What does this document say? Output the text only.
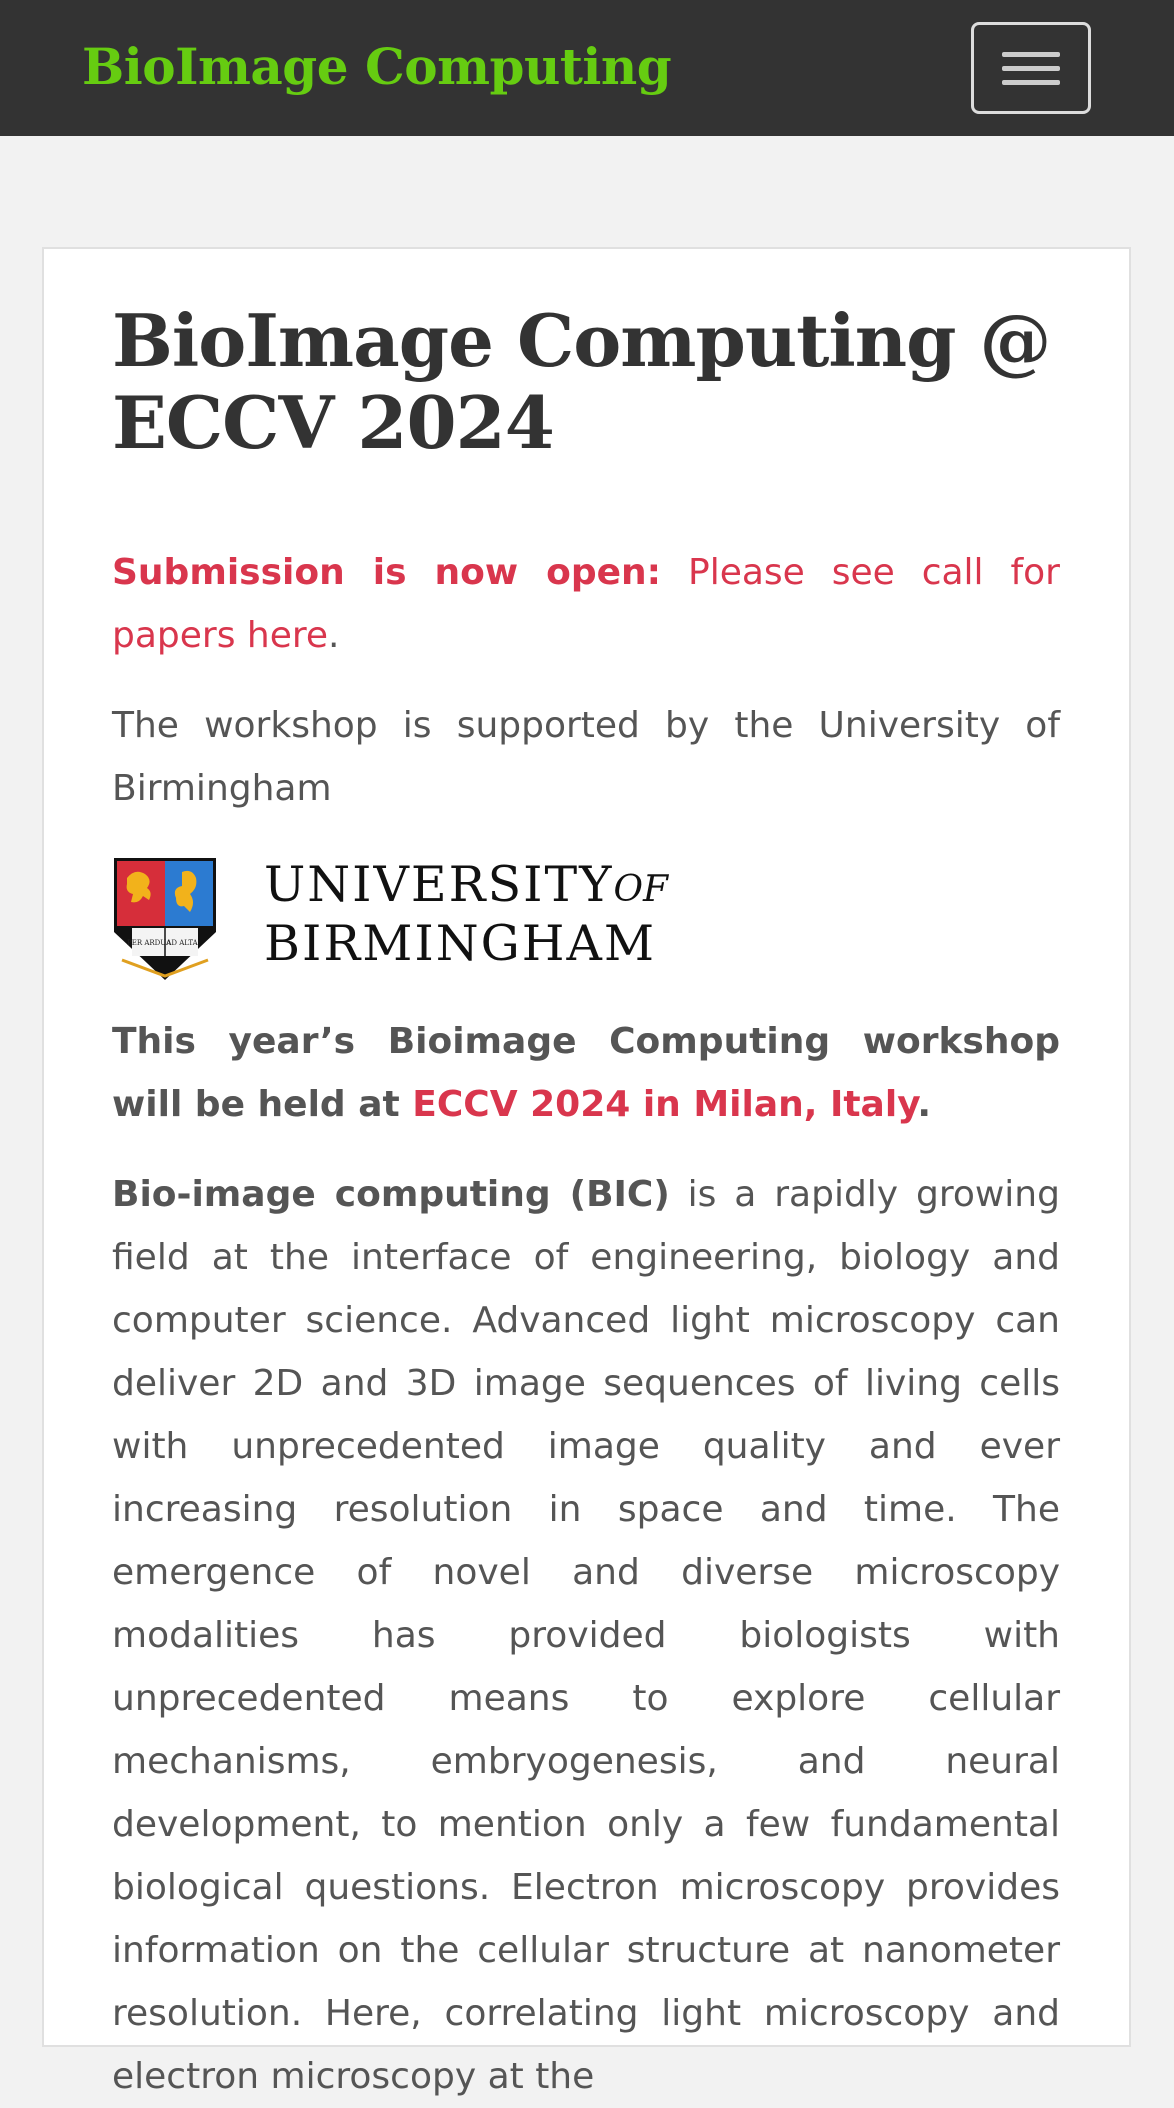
BioImage Computing
BioImage Computing @ ECCV 2024

Submission is now open: Please see call for papers here.

The workshop is supported by the University of Birmingham

PER ARDUA
AD ALTA
UNIVERSITYOF
BIRMINGHAM

This year’s Bioimage Computing workshop will be held at ECCV 2024 in Milan, Italy.

Bio-image computing (BIC) is a rapidly growing field at the interface of engineering, biology and computer science. Advanced light microscopy can deliver 2D and 3D image sequences of living cells with unprecedented image quality and ever increasing resolution in space and time. The emergence of novel and diverse microscopy modalities has provided biologists with unprecedented means to explore cellular mechanisms, embryogenesis, and neural development, to mention only a few fundamental biological questions. Electron microscopy provides information on the cellular structure at nanometer resolution. Here, correlating light microscopy and electron microscopy at the
